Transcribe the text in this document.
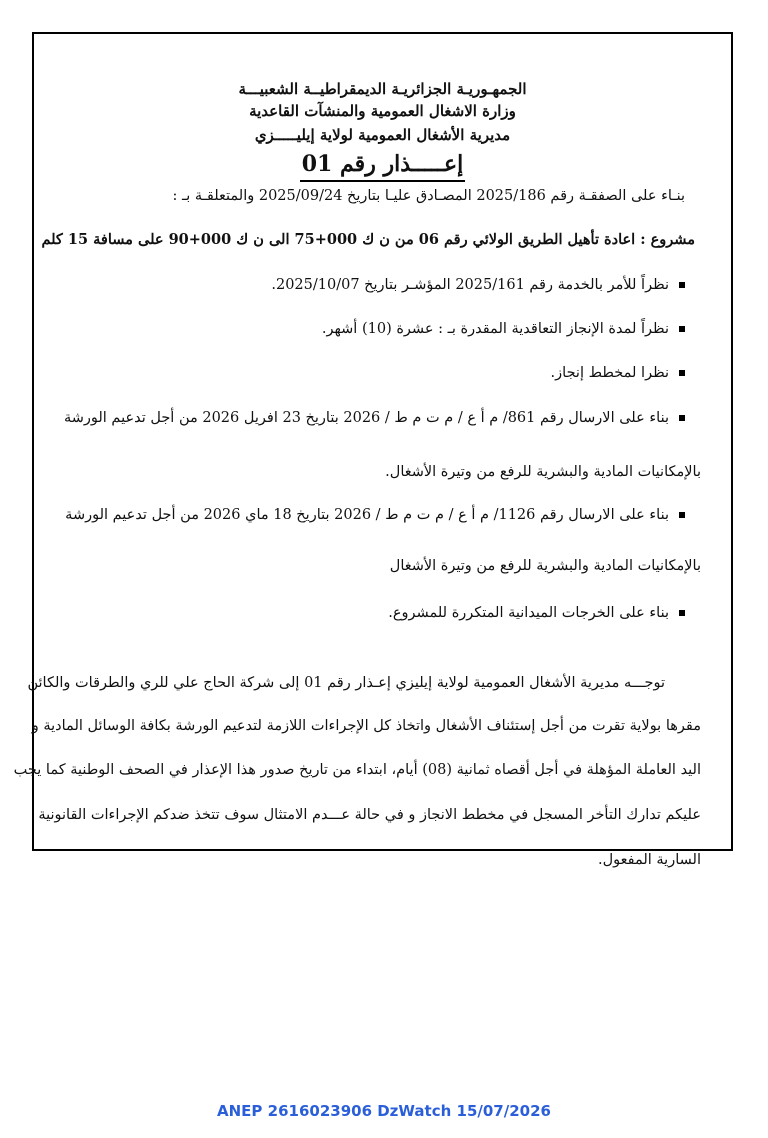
الجمهـوريـة الجزائريـة الديمقراطيــة الشعبيـــة
وزارة الاشغال العمومية والمنشآت القاعدية
مديرية الأشغال العمومية لولاية إيليـــــزي
إعـــــذار رقم 01
بنـاء على الصفقـة رقم 2025/186 المصـادق عليـا بتاريخ 2025/09/24 والمتعلقـة بـ :
مشروع : اعادة تأهيل الطريق الولائي رقم 06 من ن ك 000+75 الى ن ك 000+90 على مسافة 15 كلم
نظراً للأمر بالخدمة رقم 2025/161 المؤشـر بتاريخ 2025/10/07.
نظراً لمدة الإنجاز التعاقدية المقدرة بـ : عشرة (10) أشهر.
نظرا لمخطط إنجاز.
بناء على الارسال رقم 861/ م أ ع / م ت م ط / 2026 بتاريخ 23 افريل 2026 من أجل تدعيم الورشة
بالإمكانيات المادية والبشرية للرفع من وتيرة الأشغال.
بناء على الارسال رقم 1126/ م أ ع / م ت م ط / 2026 بتاريخ 18 ماي 2026 من أجل تدعيم الورشة
بالإمكانيات المادية والبشرية للرفع من وتيرة الأشغال
بناء على الخرجات الميدانية المتكررة للمشروع.
توجـــه مديرية الأشغال العمومية لولاية إيليزي إعـذار رقم 01 إلى شركة الحاج علي للري والطرقات والكائن
مقرها بولاية تقرت من أجل إستئناف الأشغال واتخاذ كل الإجراءات اللازمة لتدعيم الورشة بكافة الوسائل المادية و
اليد العاملة المؤهلة في أجل أقصاه ثمانية (08) أيام، ابتداء من تاريخ صدور هذا الإعذار في الصحف الوطنية كما يجب
عليكم تدارك التأخر المسجل في مخطط الانجاز و في حالة عـــدم الامتثال سوف تتخذ ضدكم الإجراءات القانونية
السارية المفعول.
ANEP 2616023906 DzWatch 15/07/2026
